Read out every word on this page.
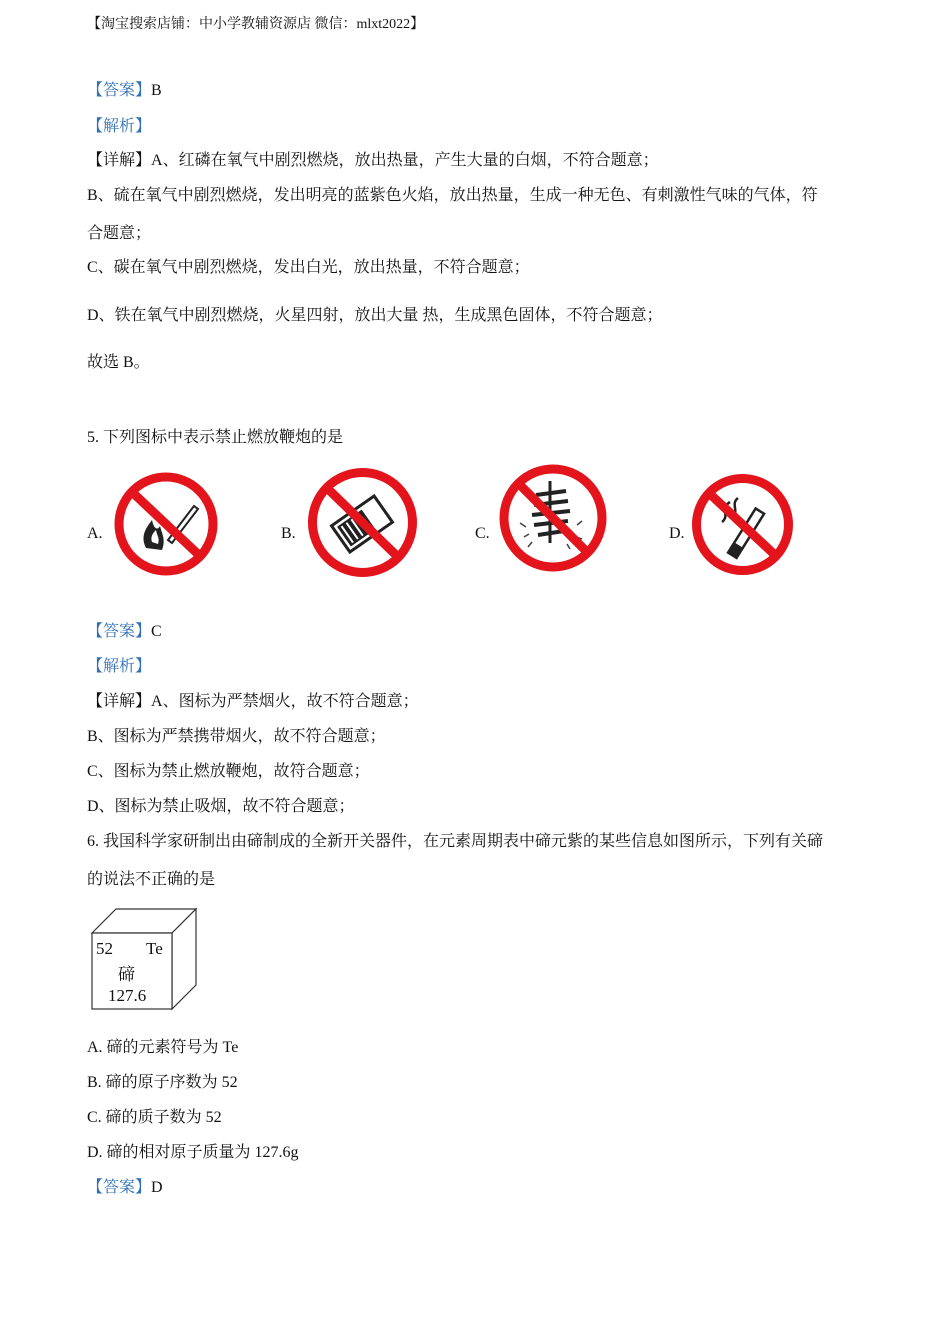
【淘宝搜索店铺：中小学教辅资源店 微信：mlxt2022】
【答案】B
【解析】
【详解】A、红磷在氧气中剧烈燃烧，放出热量，产生大量的白烟，不符合题意；
B、硫在氧气中剧烈燃烧，发出明亮的蓝紫色火焰，放出热量，生成一种无色、有刺激性气味的气体，符
合题意；
C、碳在氧气中剧烈燃烧，发出白光，放出热量，不符合题意；
D、铁在氧气中剧烈燃烧，火星四射，放出大量 热，生成黑色固体，不符合题意；
故选 B。
5. 下列图标中表示禁止燃放鞭炮的是
A.	B.	C.	D.
【答案】C
【解析】
【详解】A、图标为严禁烟火，故不符合题意；
B、图标为严禁携带烟火，故不符合题意；
C、图标为禁止燃放鞭炮，故符合题意；
D、图标为禁止吸烟，故不符合题意；
6. 我国科学家研制出由碲制成的全新开关器件，在元素周期表中碲元紫的某些信息如图所示，下列有关碲
的说法不正确的是
52 Te
碲
127.6
A. 碲的元素符号为 Te
B. 碲的原子序数为 52
C. 碲的质子数为 52
D. 碲的相对原子质量为 127.6g
【答案】D
